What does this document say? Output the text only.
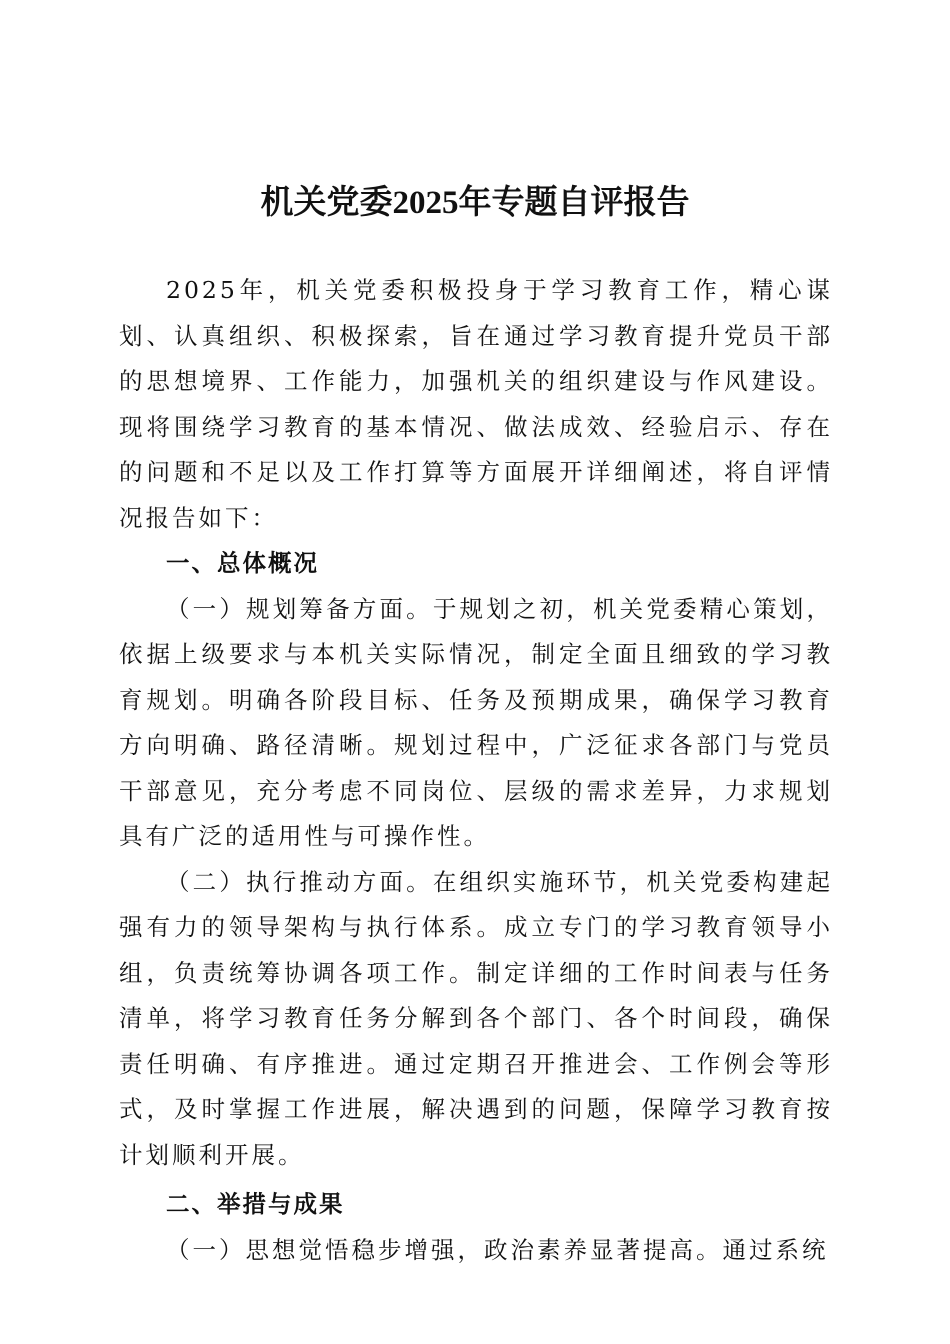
机关党委2025年专题自评报告

2025年，机关党委积极投身于学习教育工作，精心谋划、认真组织、积极探索，旨在通过学习教育提升党员干部的思想境界、工作能力，加强机关的组织建设与作风建设。现将围绕学习教育的基本情况、做法成效、经验启示、存在的问题和不足以及工作打算等方面展开详细阐述，将自评情况报告如下：

一、总体概况

（一）规划筹备方面。于规划之初，机关党委精心策划，依据上级要求与本机关实际情况，制定全面且细致的学习教育规划。明确各阶段目标、任务及预期成果，确保学习教育方向明确、路径清晰。规划过程中，广泛征求各部门与党员干部意见，充分考虑不同岗位、层级的需求差异，力求规划具有广泛的适用性与可操作性。

（二）执行推动方面。在组织实施环节，机关党委构建起强有力的领导架构与执行体系。成立专门的学习教育领导小组，负责统筹协调各项工作。制定详细的工作时间表与任务清单，将学习教育任务分解到各个部门、各个时间段，确保责任明确、有序推进。通过定期召开推进会、工作例会等形式，及时掌握工作进展，解决遇到的问题，保障学习教育按计划顺利开展。

二、举措与成果

（一）思想觉悟稳步增强，政治素养显著提高。通过系统
